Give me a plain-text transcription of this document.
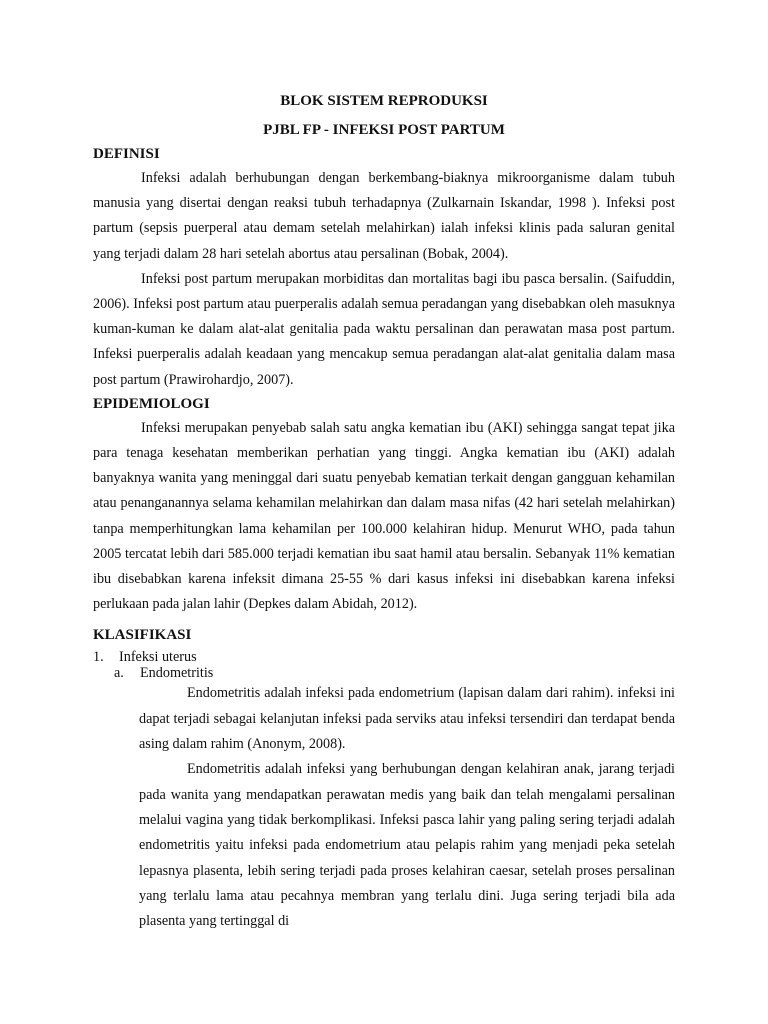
BLOK SISTEM REPRODUKSI

PJBL FP - INFEKSI POST PARTUM

DEFINISI

Infeksi adalah berhubungan dengan berkembang-biaknya mikroorganisme dalam tubuh manusia yang disertai dengan reaksi tubuh terhadapnya (Zulkarnain Iskandar, 1998 ). Infeksi post partum (sepsis puerperal atau demam setelah melahirkan) ialah infeksi klinis pada saluran genital yang terjadi dalam 28 hari setelah abortus atau persalinan (Bobak, 2004).

Infeksi post partum merupakan morbiditas dan mortalitas bagi ibu pasca bersalin. (Saifuddin, 2006). Infeksi post partum atau puerperalis adalah semua peradangan yang disebabkan oleh masuknya kuman-kuman ke dalam alat-alat genitalia pada waktu persalinan dan perawatan masa post partum. Infeksi puerperalis adalah keadaan yang mencakup semua peradangan alat-alat genitalia dalam masa post partum (Prawirohardjo, 2007).

EPIDEMIOLOGI

Infeksi merupakan penyebab salah satu angka kematian ibu (AKI) sehingga sangat tepat jika para tenaga kesehatan memberikan perhatian yang tinggi. Angka kematian ibu (AKI) adalah banyaknya wanita yang meninggal dari suatu penyebab kematian terkait dengan gangguan kehamilan atau penanganannya selama kehamilan melahirkan dan dalam masa nifas (42 hari setelah melahirkan) tanpa memperhitungkan lama kehamilan per 100.000 kelahiran hidup. Menurut WHO, pada tahun 2005 tercatat lebih dari 585.000 terjadi kematian ibu saat hamil atau bersalin. Sebanyak 11% kematian ibu disebabkan karena infeksit dimana 25-55 % dari kasus infeksi ini disebabkan karena infeksi perlukaan pada jalan lahir (Depkes dalam Abidah, 2012).

KLASIFIKASI

1. Infeksi uterus

a. Endometritis

Endometritis adalah infeksi pada endometrium (lapisan dalam dari rahim). infeksi ini dapat terjadi sebagai kelanjutan infeksi pada serviks atau infeksi tersendiri dan terdapat benda asing dalam rahim (Anonym, 2008).

Endometritis adalah infeksi yang berhubungan dengan kelahiran anak, jarang terjadi pada wanita yang mendapatkan perawatan medis yang baik dan telah mengalami persalinan melalui vagina yang tidak berkomplikasi. Infeksi pasca lahir yang paling sering terjadi adalah endometritis yaitu infeksi pada endometrium atau pelapis rahim yang menjadi peka setelah lepasnya plasenta, lebih sering terjadi pada proses kelahiran caesar, setelah proses persalinan yang terlalu lama atau pecahnya membran yang terlalu dini. Juga sering terjadi bila ada plasenta yang tertinggal di
